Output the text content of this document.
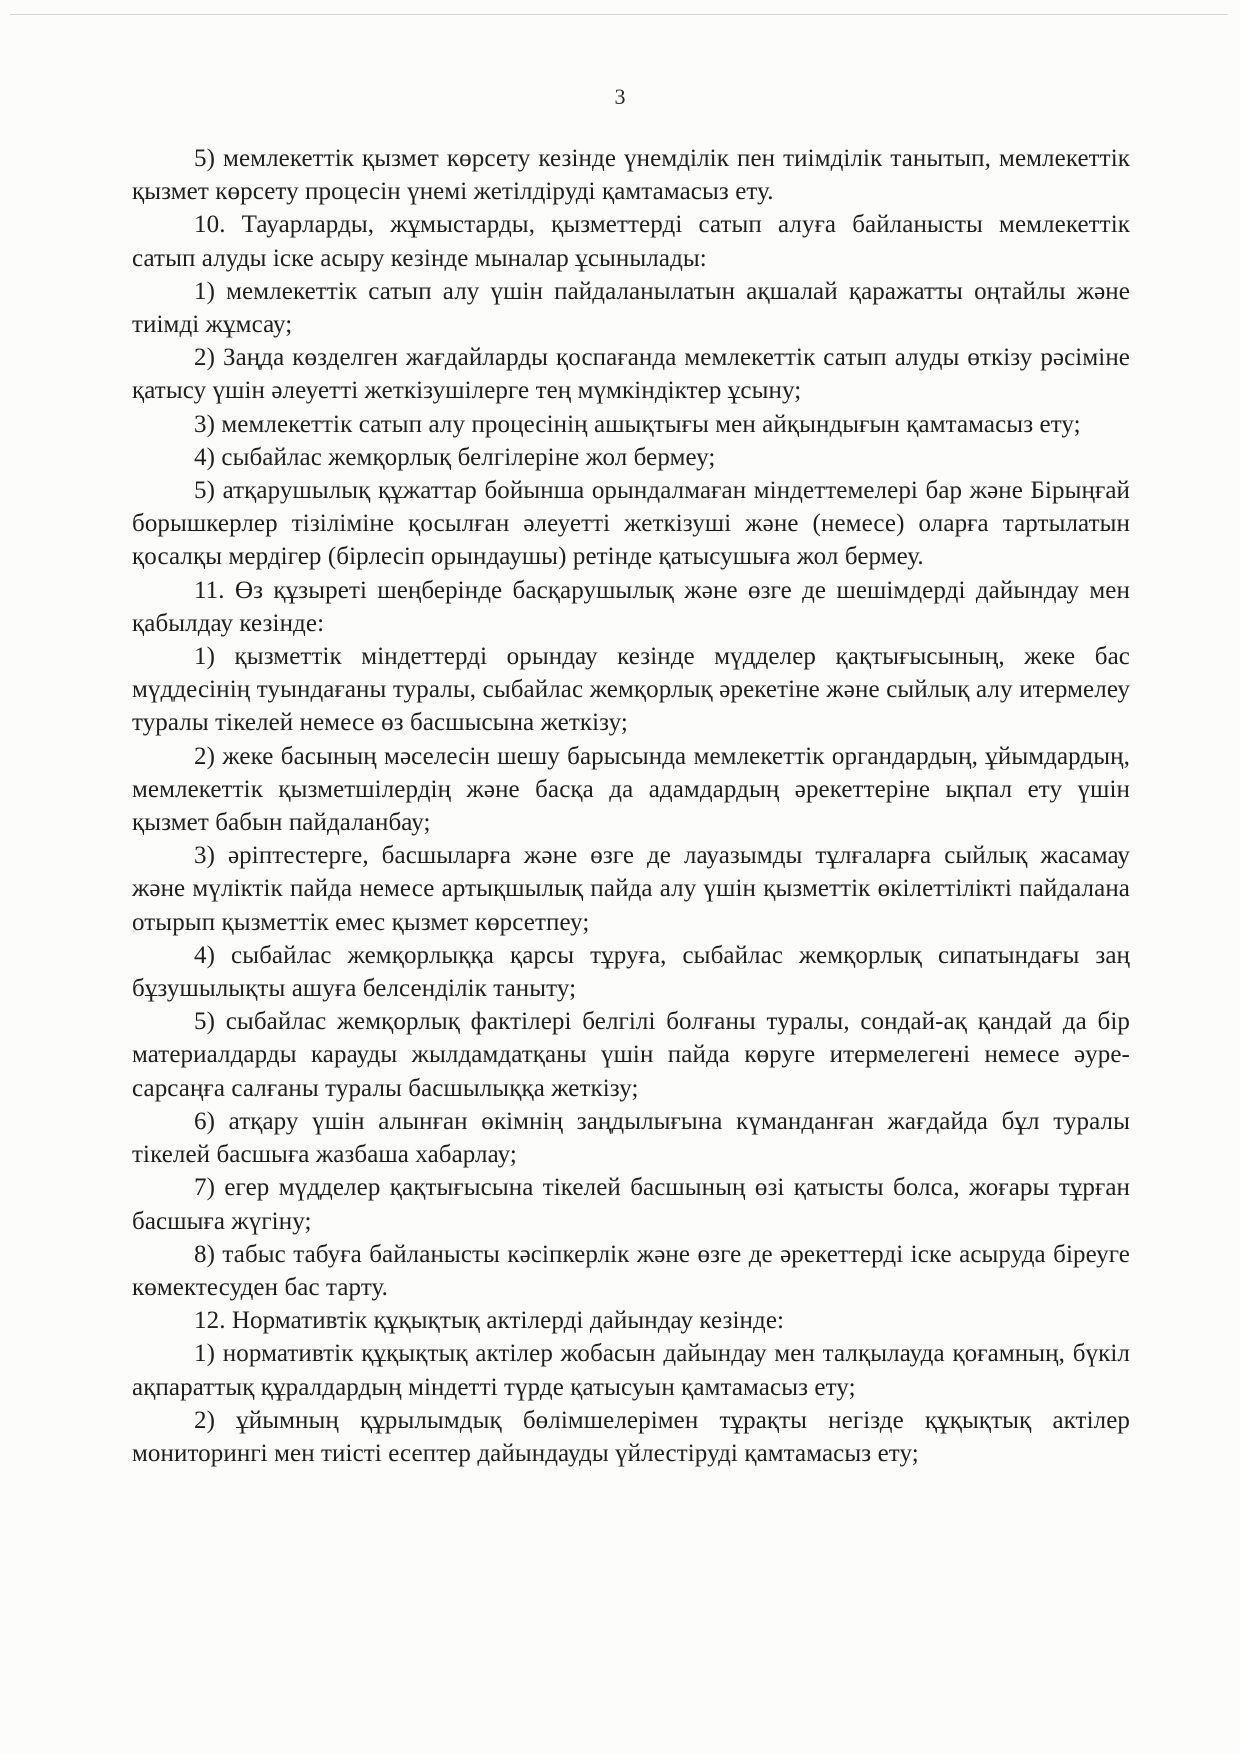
3

5) мемлекеттік қызмет көрсету кезінде үнемділік пен тиімділік танытып, мемлекеттік қызмет көрсету процесін үнемі жетілдіруді қамтамасыз ету.

10. Тауарларды, жұмыстарды, қызметтерді сатып алуға байланысты мемлекеттік сатып алуды іске асыру кезінде мыналар ұсынылады:

1) мемлекеттік сатып алу үшін пайдаланылатын ақшалай қаражатты оңтайлы және тиімді жұмсау;

2) Заңда көзделген жағдайларды қоспағанда мемлекеттік сатып алуды өткізу рәсіміне қатысу үшін әлеуетті жеткізушілерге тең мүмкіндіктер ұсыну;

3) мемлекеттік сатып алу процесінің ашықтығы мен айқындығын қамтамасыз ету;

4) сыбайлас жемқорлық белгілеріне жол бермеу;

5) атқарушылық құжаттар бойынша орындалмаған міндеттемелері бар және Бірыңғай борышкерлер тізіліміне қосылған әлеуетті жеткізуші және (немесе) оларға тартылатын қосалқы мердігер (бірлесіп орындаушы) ретінде қатысушыға жол бермеу.

11. Өз құзыреті шеңберінде басқарушылық және өзге де шешімдерді дайындау мен қабылдау кезінде:

1) қызметтік міндеттерді орындау кезінде мүдделер қақтығысының, жеке бас мүддесінің туындағаны туралы, сыбайлас жемқорлық әрекетіне және сыйлық алу итермелеу туралы тікелей немесе өз басшысына жеткізу;

2) жеке басының мәселесін шешу барысында мемлекеттік органдардың, ұйымдардың, мемлекеттік қызметшілердің және басқа да адамдардың әрекеттеріне ықпал ету үшін қызмет бабын пайдаланбау;

3) әріптестерге, басшыларға және өзге де лауазымды тұлғаларға сыйлық жасамау және мүліктік пайда немесе артықшылық пайда алу үшін қызметтік өкілеттілікті пайдалана отырып қызметтік емес қызмет көрсетпеу;

4) сыбайлас жемқорлыққа қарсы тұруға, сыбайлас жемқорлық сипатындағы заң бұзушылықты ашуға белсенділік таныту;

5) сыбайлас жемқорлық фактілері белгілі болғаны туралы, сондай-ақ қандай да бір материалдарды карауды жылдамдатқаны үшін пайда көруге итермелегені немесе әуре-сарсаңға салғаны туралы басшылыққа жеткізу;

6) атқару үшін алынған өкімнің заңдылығына күманданған жағдайда бұл туралы тікелей басшыға жазбаша хабарлау;

7) егер мүдделер қақтығысына тікелей басшының өзі қатысты болса, жоғары тұрған басшыға жүгіну;

8) табыс табуға байланысты кәсіпкерлік және өзге де әрекеттерді іске асыруда біреуге көмектесуден бас тарту.

12. Нормативтік құқықтық актілерді дайындау кезінде:

1) нормативтік құқықтық актілер жобасын дайындау мен талқылауда қоғамның, бүкіл ақпараттық құралдардың міндетті түрде қатысуын қамтамасыз ету;

2) ұйымның құрылымдық бөлімшелерімен тұрақты негізде құқықтық актілер мониторингі мен тиісті есептер дайындауды үйлестіруді қамтамасыз ету;
